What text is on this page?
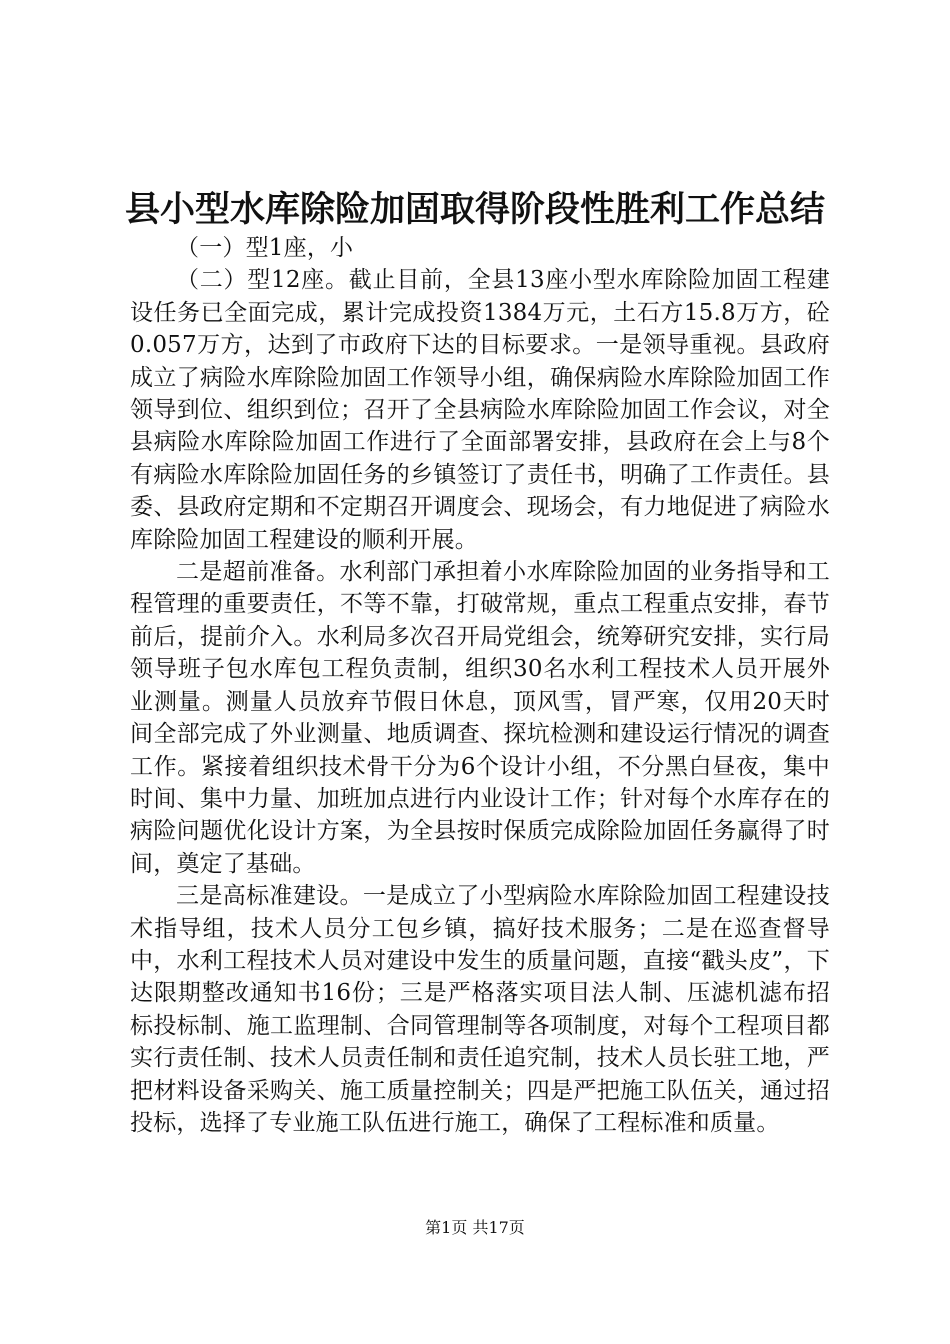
县小型水库除险加固取得阶段性胜利工作总结

（一）型1座，小

（二）型12座。截止目前，全县13座小型水库除险加固工程建设任务已全面完成，累计完成投资1384万元，土石方15.8万方，砼0.057万方，达到了市政府下达的目标要求。一是领导重视。县政府成立了病险水库除险加固工作领导小组，确保病险水库除险加固工作领导到位、组织到位；召开了全县病险水库除险加固工作会议，对全县病险水库除险加固工作进行了全面部署安排，县政府在会上与8个有病险水库除险加固任务的乡镇签订了责任书，明确了工作责任。县委、县政府定期和不定期召开调度会、现场会，有力地促进了病险水库除险加固工程建设的顺利开展。

二是超前准备。水利部门承担着小水库除险加固的业务指导和工程管理的重要责任，不等不靠，打破常规，重点工程重点安排，春节前后，提前介入。水利局多次召开局党组会，统筹研究安排，实行局领导班子包水库包工程负责制，组织30名水利工程技术人员开展外业测量。测量人员放弃节假日休息，顶风雪，冒严寒，仅用20天时间全部完成了外业测量、地质调查、探坑检测和建设运行情况的调查工作。紧接着组织技术骨干分为6个设计小组，不分黑白昼夜，集中时间、集中力量、加班加点进行内业设计工作；针对每个水库存在的病险问题优化设计方案，为全县按时保质完成除险加固任务赢得了时间，奠定了基础。

三是高标准建设。一是成立了小型病险水库除险加固工程建设技术指导组，技术人员分工包乡镇，搞好技术服务；二是在巡查督导中，水利工程技术人员对建设中发生的质量问题，直接“戳头皮”，下达限期整改通知书16份；三是严格落实项目法人制、压滤机滤布招标投标制、施工监理制、合同管理制等各项制度，对每个工程项目都实行责任制、技术人员责任制和责任追究制，技术人员长驻工地，严把材料设备采购关、施工质量控制关；四是严把施工队伍关，通过招投标，选择了专业施工队伍进行施工，确保了工程标准和质量。

第1页 共17页
